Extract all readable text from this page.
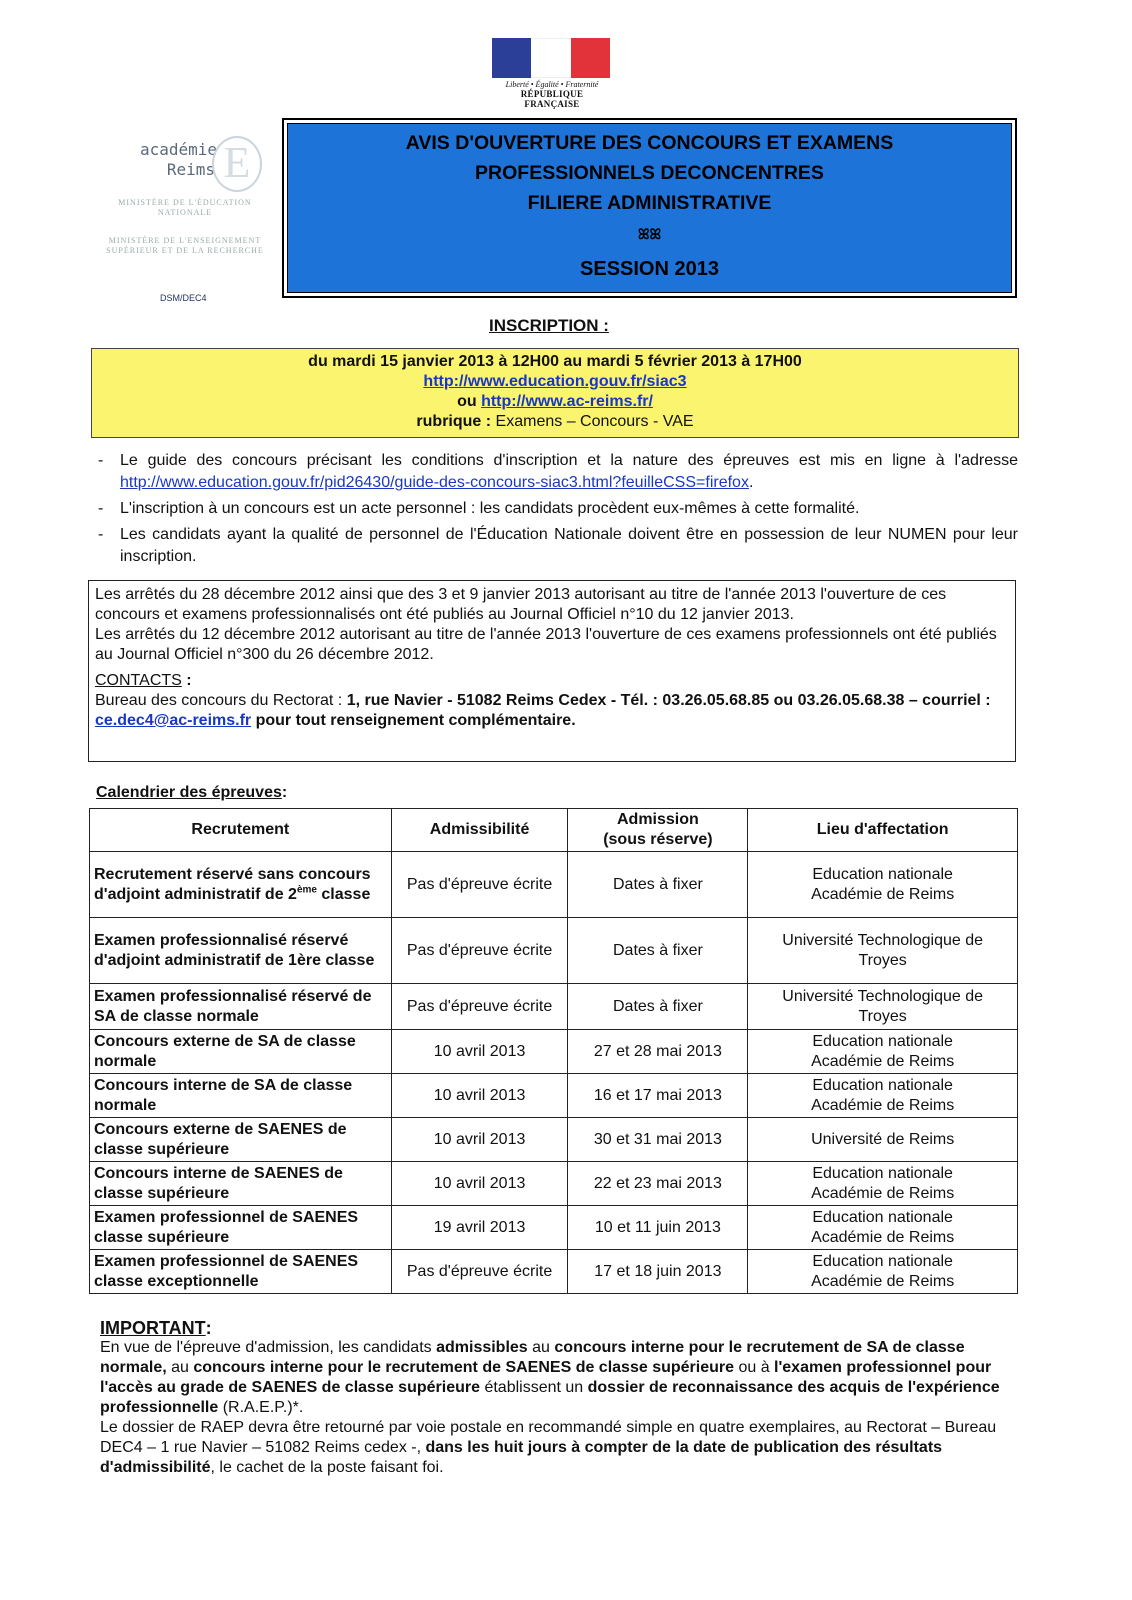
Liberté • Égalité • Fraternité
RÉPUBLIQUE FRANÇAISE
académie
Reims E
MINISTÈRE DE L'ÉDUCATION NATIONALE
MINISTÈRE DE L'ENSEIGNEMENT SUPÉRIEUR ET DE LA RECHERCHE
DSM/DEC4
AVIS D'OUVERTURE DES CONCOURS ET EXAMENS
PROFESSIONNELS DECONCENTRES
FILIERE ADMINISTRATIVE
ꕤꕤ
SESSION 2013
INSCRIPTION :
du mardi 15 janvier 2013 à 12H00 au mardi 5 février 2013 à 17H00
http://www.education.gouv.fr/siac3
ou http://www.ac-reims.fr/
rubrique : Examens – Concours - VAE
- Le guide des concours précisant les conditions d'inscription et la nature des épreuves est mis en ligne à l'adresse http://www.education.gouv.fr/pid26430/guide-des-concours-siac3.html?feuilleCSS=firefox.
- L'inscription à un concours est un acte personnel : les candidats procèdent eux-mêmes à cette formalité.
- Les candidats ayant la qualité de personnel de l'Éducation Nationale doivent être en possession de leur NUMEN pour leur inscription.

Les arrêtés du 28 décembre 2012 ainsi que des 3 et 9 janvier 2013 autorisant au titre de l'année 2013 l'ouverture de ces concours et examens professionnalisés ont été publiés au Journal Officiel n°10 du 12 janvier 2013.

Les arrêtés du 12 décembre 2012 autorisant au titre de l'année 2013 l'ouverture de ces examens professionnels ont été publiés au Journal Officiel n°300 du 26 décembre 2012.

CONTACTS :

Bureau des concours du Rectorat : 1, rue Navier - 51082 Reims Cedex - Tél. : 03.26.05.68.85 ou 03.26.05.68.38 – courriel : ce.dec4@ac-reims.fr pour tout renseignement complémentaire.

Calendrier des épreuves:
Recrutement	Admissibilité	Admission
(sous réserve)	Lieu d'affectation
Recrutement réservé sans concours d'adjoint administratif de 2ème classe	Pas d'épreuve écrite	Dates à fixer	Education nationale
Académie de Reims

Examen professionnalisé réservé d'adjoint administratif de 1ère classe	Pas d'épreuve écrite	Dates à fixer	Université Technologique de
Troyes

Examen professionnalisé réservé de SA de classe normale	Pas d'épreuve écrite	Dates à fixer	Université Technologique de
Troyes

Concours externe de SA de classe normale	10 avril 2013	27 et 28 mai 2013	Education nationale
Académie de Reims

Concours interne de SA de classe normale	10 avril 2013	16 et 17 mai 2013	Education nationale
Académie de Reims

Concours externe de SAENES de classe supérieure	10 avril 2013	30 et 31 mai 2013	Université de Reims

Concours interne de SAENES de classe supérieure	10 avril 2013	22 et 23 mai 2013	Education nationale
Académie de Reims

Examen professionnel de SAENES classe supérieure	19 avril 2013	10 et 11 juin 2013	Education nationale
Académie de Reims

Examen professionnel de SAENES classe exceptionnelle	Pas d'épreuve écrite	17 et 18 juin 2013	Education nationale
Académie de Reims
IMPORTANT:

En vue de l'épreuve d'admission, les candidats admissibles au concours interne pour le recrutement de SA de classe normale, au concours interne pour le recrutement de SAENES de classe supérieure ou à l'examen professionnel pour l'accès au grade de SAENES de classe supérieure établissent un dossier de reconnaissance des acquis de l'expérience professionnelle (R.A.E.P.)*.

Le dossier de RAEP devra être retourné par voie postale en recommandé simple en quatre exemplaires, au Rectorat – Bureau DEC4 – 1 rue Navier – 51082 Reims cedex -, dans les huit jours à compter de la date de publication des résultats d'admissibilité, le cachet de la poste faisant foi.
